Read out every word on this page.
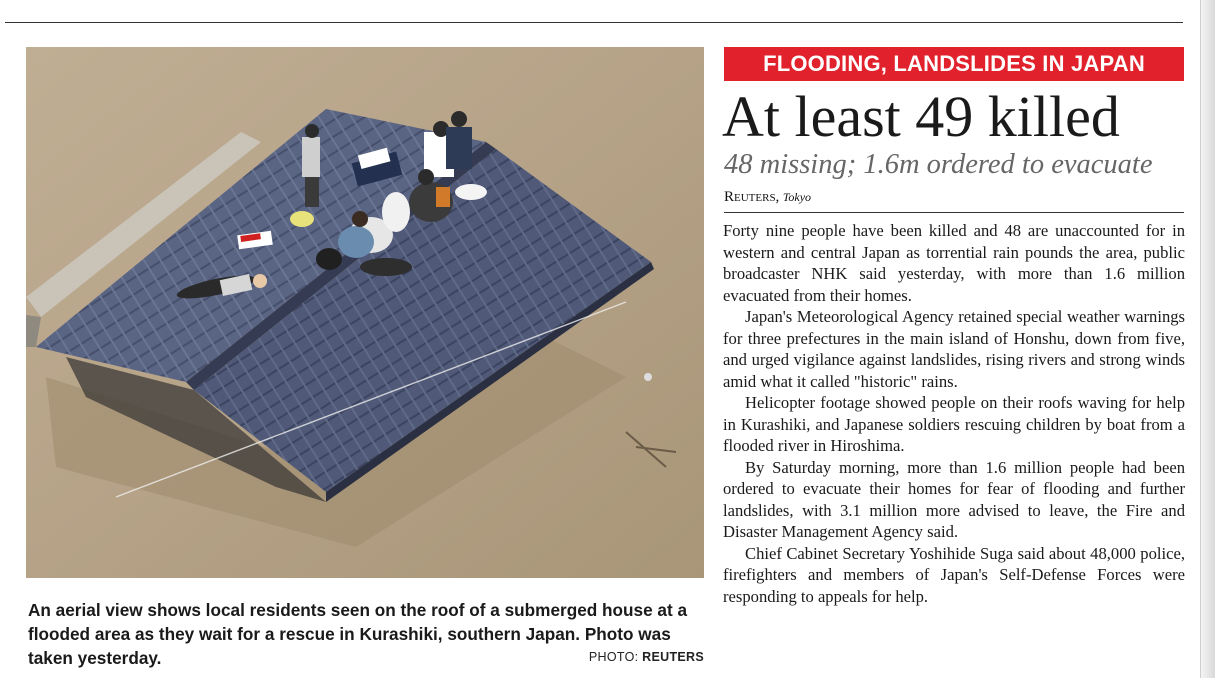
An aerial view shows local residents seen on the roof of a submerged house at a flooded area as they wait for a rescue in Kurashiki, southern Japan. Photo was taken yesterday.	PHOTO: REUTERS
FLOODING, LANDSLIDES IN JAPAN
At least 49 killed
48 missing; 1.6m ordered to evacuate
Reuters, Tokyo

Forty nine people have been killed and 48 are unaccounted for in western and central Japan as torrential rain pounds the area, public broadcaster NHK said yesterday, with more than 1.6 million evacuated from their homes.

Japan's Meteorological Agency retained special weather warnings for three prefectures in the main island of Honshu, down from five, and urged vigilance against landslides, rising rivers and strong winds amid what it called "historic" rains.

Helicopter footage showed people on their roofs waving for help in Kurashiki, and Japanese soldiers rescuing children by boat from a flooded river in Hiroshima.

By Saturday morning, more than 1.6 million people had been ordered to evacuate their homes for fear of flooding and further landslides, with 3.1 million more advised to leave, the Fire and Disaster Management Agency said.

Chief Cabinet Secretary Yoshihide Suga said about 48,000 police, firefighters and members of Japan's Self-Defense Forces were responding to appeals for help.
